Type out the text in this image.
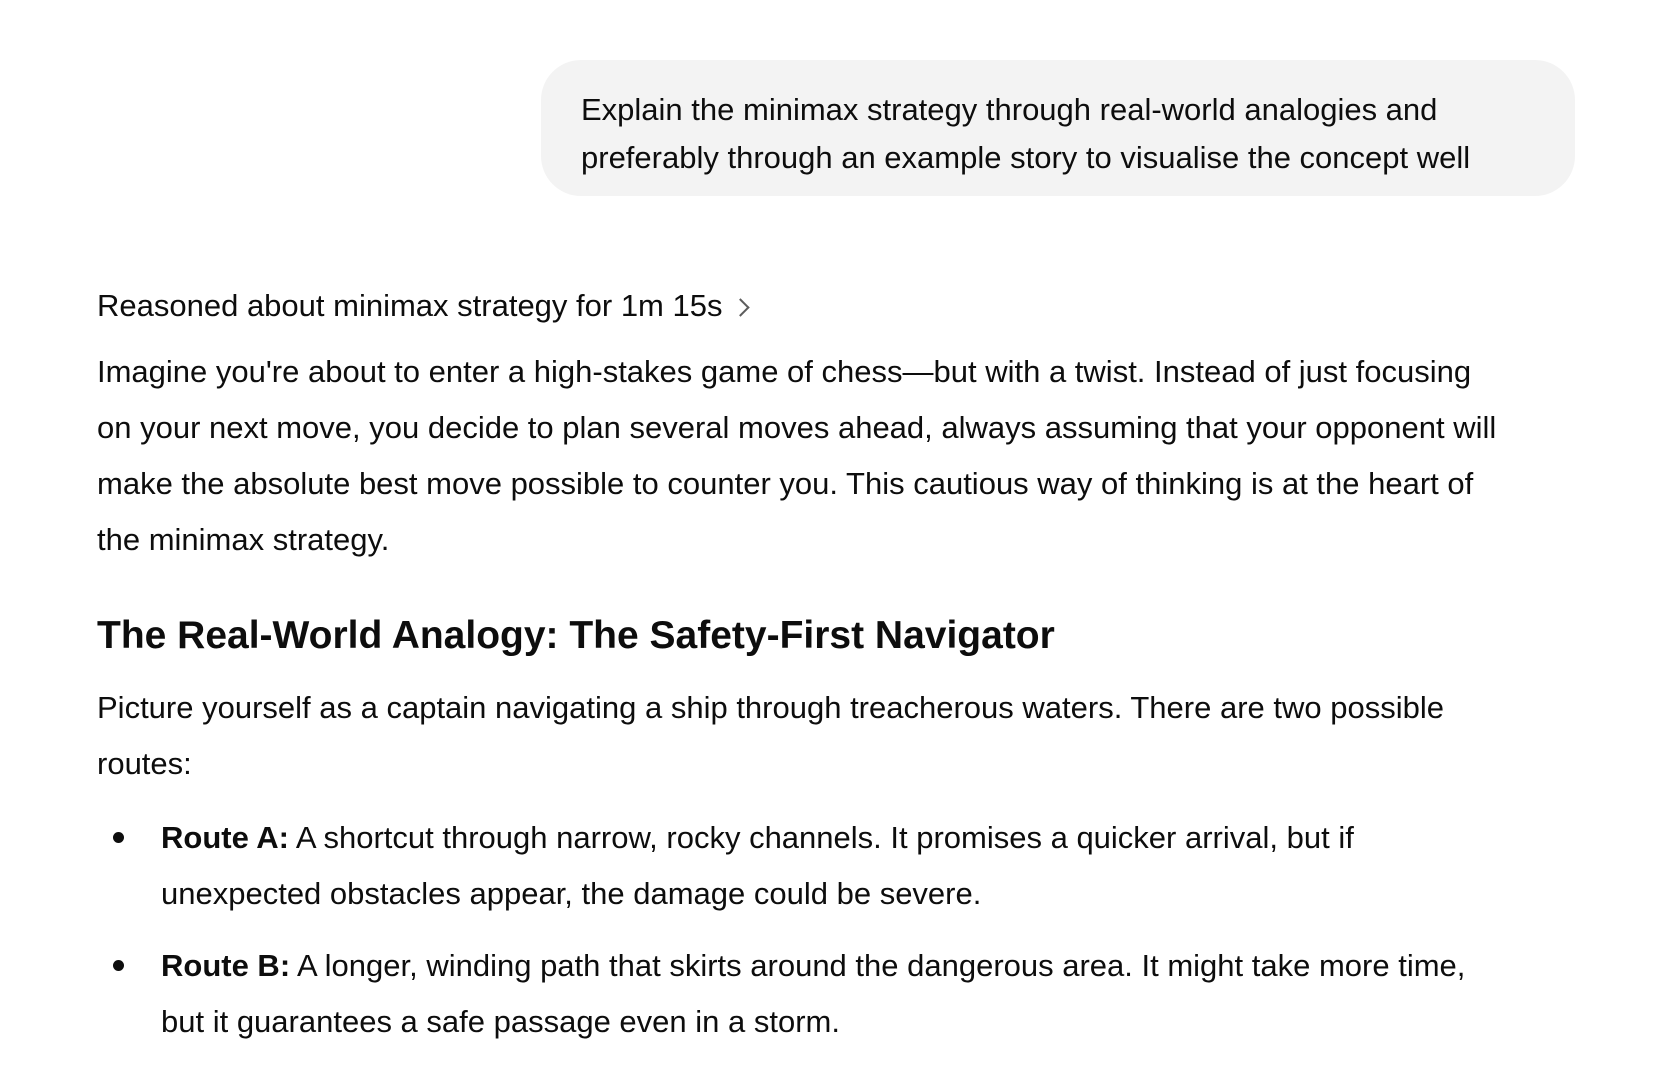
Explain the minimax strategy through real-world analogies and
preferably through an example story to visualise the concept well
Reasoned about minimax strategy for 1m 15s
Imagine you're about to enter a high-stakes game of chess—but with a twist. Instead of just focusing
on your next move, you decide to plan several moves ahead, always assuming that your opponent will
make the absolute best move possible to counter you. This cautious way of thinking is at the heart of
the minimax strategy.
The Real-World Analogy: The Safety-First Navigator
Picture yourself as a captain navigating a ship through treacherous waters. There are two possible
routes:
Route A: A shortcut through narrow, rocky channels. It promises a quicker arrival, but if
unexpected obstacles appear, the damage could be severe.
Route B: A longer, winding path that skirts around the dangerous area. It might take more time,
but it guarantees a safe passage even in a storm.
